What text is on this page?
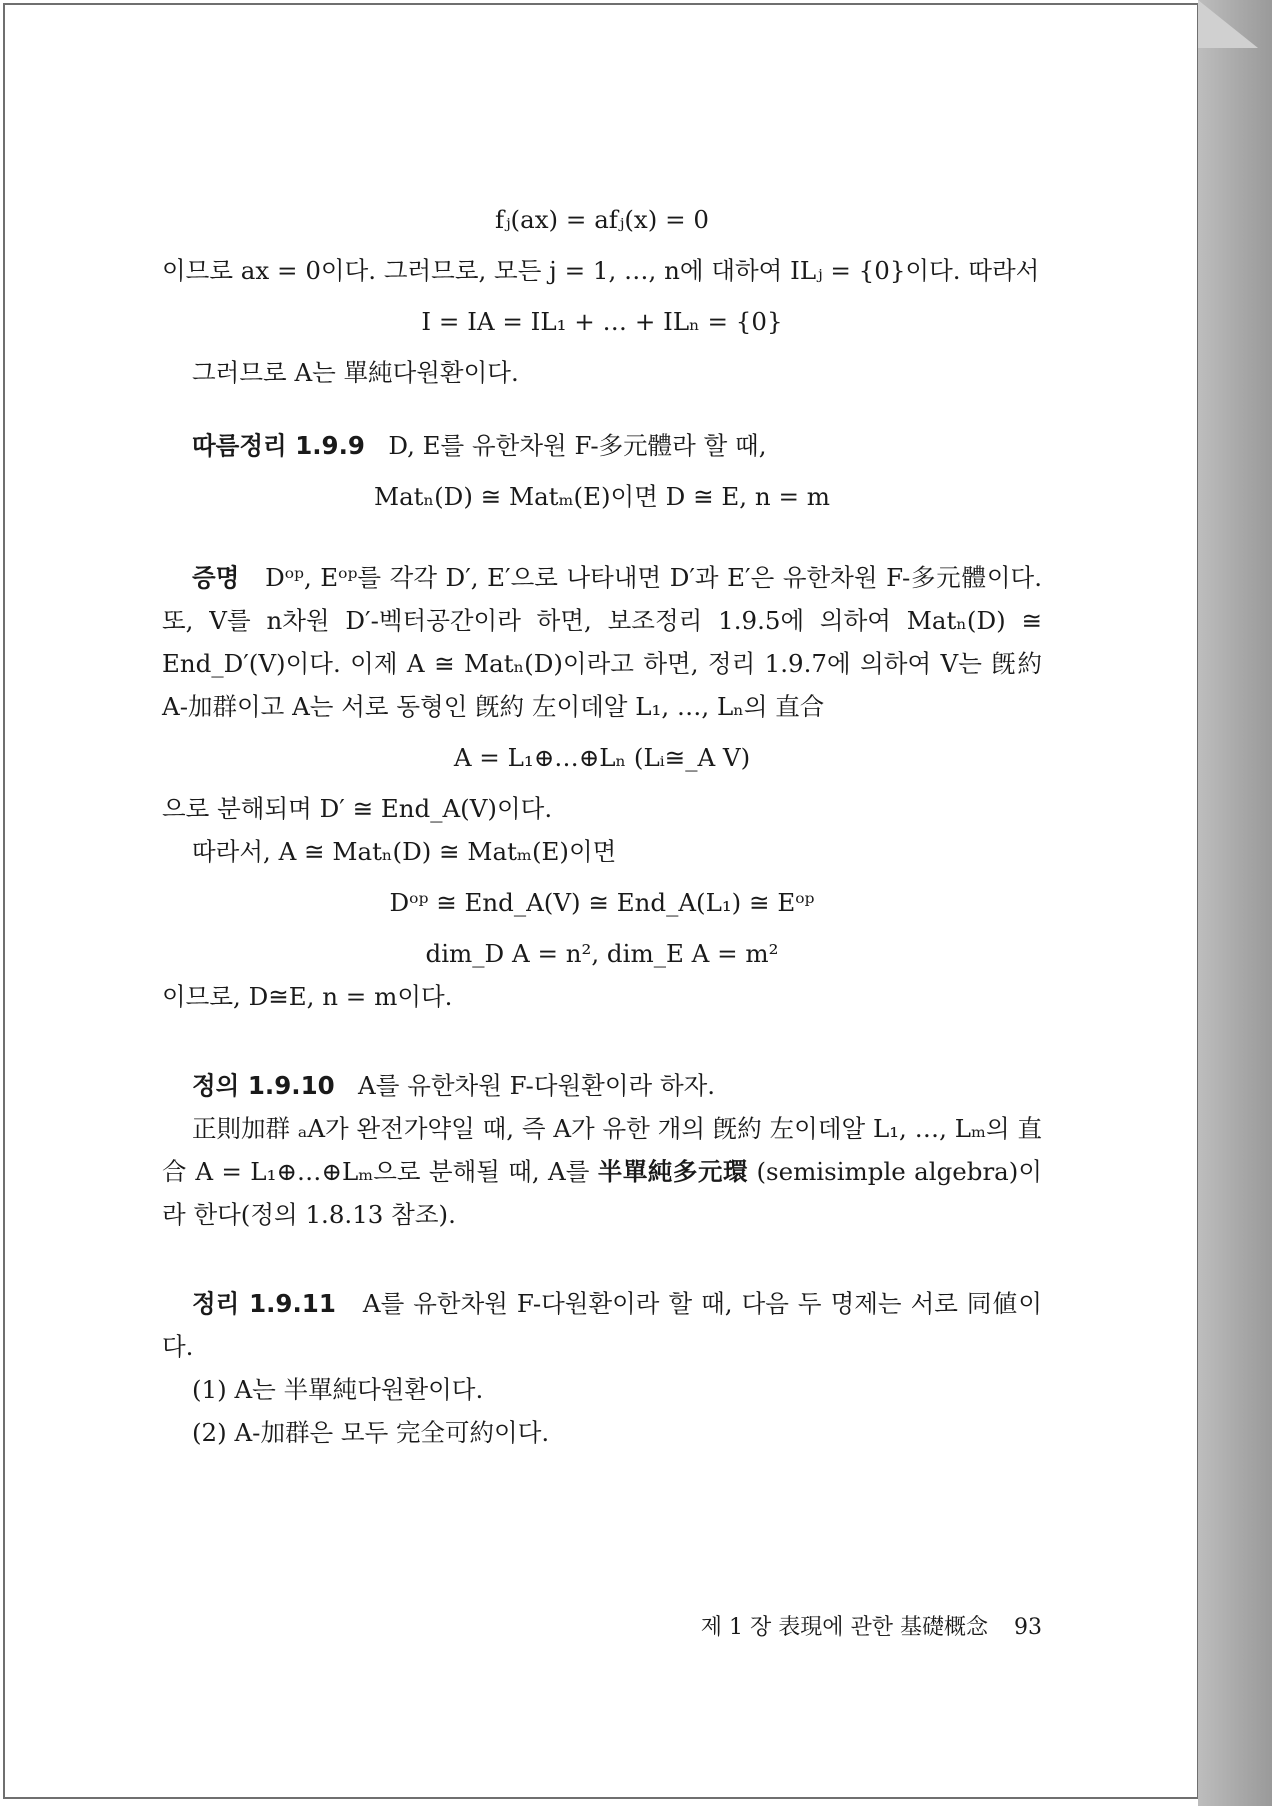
fⱼ(ax) = afⱼ(x) = 0

이므로 ax = 0이다. 그러므로, 모든 j = 1, …, n에 대하여 ILⱼ = {0}이다. 따라서

I = IA = IL₁ + … + ILₙ = {0}

그러므로 A는 單純다원환이다.

따름정리 1.9.9 D, E를 유한차원 F-多元體라 할 때,

Matₙ(D) ≅ Matₘ(E)이면 D ≅ E, n = m

증명 Dᵒᵖ, Eᵒᵖ를 각각 D′, E′으로 나타내면 D′과 E′은 유한차원 F-多元體이다. 또, V를 n차원 D′-벡터공간이라 하면, 보조정리 1.9.5에 의하여 Matₙ(D) ≅ End_D′(V)이다. 이제 A ≅ Matₙ(D)이라고 하면, 정리 1.9.7에 의하여 V는 旣約 A-加群이고 A는 서로 동형인 旣約 左이데알 L₁, …, Lₙ의 直合

A = L₁⊕…⊕Lₙ (Lᵢ≅_A V)

으로 분해되며 D′ ≅ End_A(V)이다.

따라서, A ≅ Matₙ(D) ≅ Matₘ(E)이면

Dᵒᵖ ≅ End_A(V) ≅ End_A(L₁) ≅ Eᵒᵖ
dim_D A = n², dim_E A = m²

이므로, D≅E, n = m이다.

정의 1.9.10 A를 유한차원 F-다원환이라 하자.

正則加群 ₐA가 완전가약일 때, 즉 A가 유한 개의 旣約 左이데알 L₁, …, Lₘ의 直合 A = L₁⊕…⊕Lₘ으로 분해될 때, A를 半單純多元環 (semisimple algebra)이라 한다(정의 1.8.13 참조).

정리 1.9.11 A를 유한차원 F-다원환이라 할 때, 다음 두 명제는 서로 同値이다.

(1) A는 半單純다원환이다.

(2) A-加群은 모두 完全可約이다.

제 1 장 表現에 관한 基礎概念 93
